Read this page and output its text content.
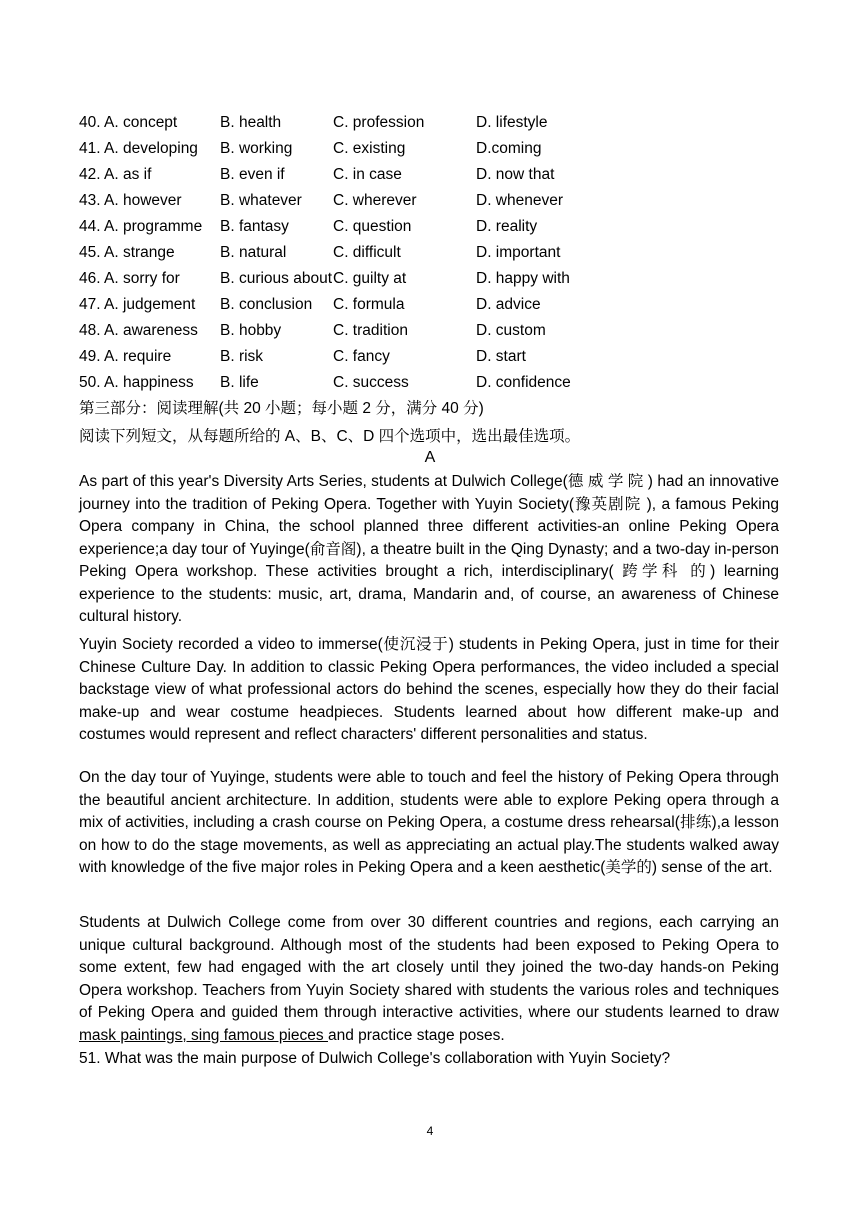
40. A. concept	B. health	C. profession	D. lifestyle
41. A. developing B. working	C. existing	D.coming
42. A. as if	B. even if	C. in case	D. now that
43. A. however B. whatever C. wherever	D. whenever
44. A. programme B. fantasy	C. question	D. reality
45. A. strange	B. natural	C. difficult	D. important
46. A. sorry for	B. curious about C. guilty at	D. happy with
47. A. judgement B. conclusion C. formula	D. advice
48. A. awareness B. hobby	C. tradition	D. custom
49. A. require	B. risk	C. fancy	D. start
50. A. happiness B. life	C. success	D. confidence
第三部分：阅读理解(共 20 小题；每小题 2 分，满分 40 分)
阅读下列短文，从每题所给的 A、B、C、D 四个选项中，选出最佳选项。
A
As part of this year's Diversity Arts Series, students at Dulwich College(德 威 学 院 ) had an innovative journey into the tradition of Peking Opera. Together with Yuyin Society(豫英剧院 ), a famous Peking Opera company in China, the school planned three different activities-an online Peking Opera experience;a day tour of Yuyinge(俞音阁), a theatre built in the Qing Dynasty; and a two-day in-person Peking Opera workshop. These activities brought a rich, interdisciplinary( 跨学科 的) learning experience to the students: music, art, drama, Mandarin and, of course, an awareness of Chinese cultural history.
Yuyin Society recorded a video to immerse(使沉浸于) students in Peking Opera, just in time for their Chinese Culture Day. In addition to classic Peking Opera performances, the video included a special backstage view of what professional actors do behind the scenes, especially how they do their facial make-up and wear costume headpieces. Students learned about how different make-up and costumes would represent and reflect characters' different personalities and status.
On the day tour of Yuyinge, students were able to touch and feel the history of Peking Opera through the beautiful ancient architecture. In addition, students were able to explore Peking opera through a mix of activities, including a crash course on Peking Opera, a costume dress rehearsal(排练),a lesson on how to do the stage movements, as well as appreciating an actual play.The students walked away with knowledge of the five major roles in Peking Opera and a keen aesthetic(美学的) sense of the art.
Students at Dulwich College come from over 30 different countries and regions, each carrying an unique cultural background. Although most of the students had been exposed to Peking Opera to some extent, few had engaged with the art closely until they joined the two-day hands-on Peking Opera workshop. Teachers from Yuyin Society shared with students the various roles and techniques of Peking Opera and guided them through interactive activities, where our students learned to draw mask paintings, sing famous pieces and practice stage poses.
51. What was the main purpose of Dulwich College's collaboration with Yuyin Society?
4
